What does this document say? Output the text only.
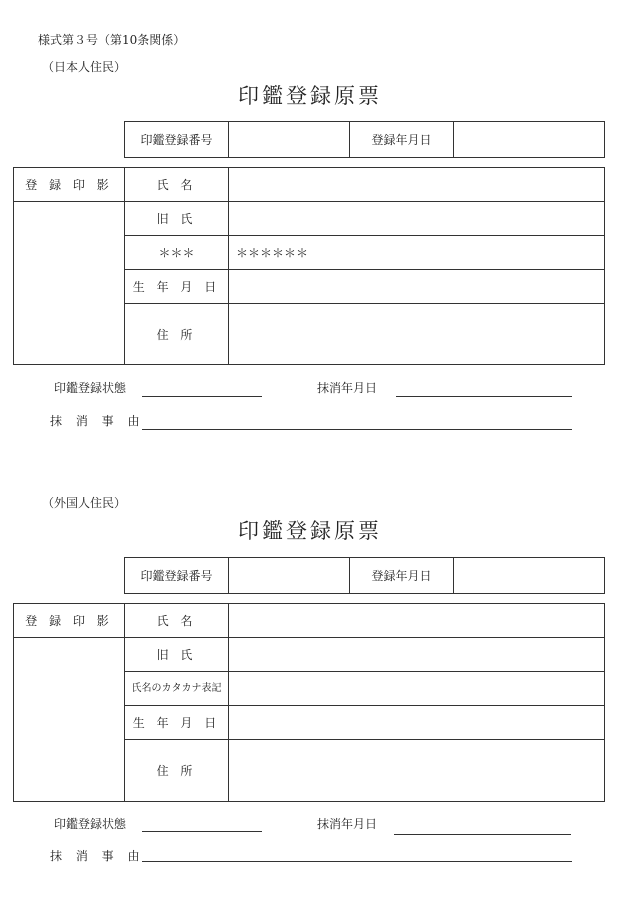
様式第３号（第10条関係）
（日本人住民）
印鑑登録原票
印鑑登録番号	登録年月日
登 録 印 影	氏 名
旧 氏
＊＊＊	＊＊＊＊＊＊
生 年 月 日
住 所
印鑑登録状態	抹消年月日
抹 消 事 由
（外国人住民）
印鑑登録原票
印鑑登録番号	登録年月日
登 録 印 影	氏 名
旧 氏
氏名のカタカナ表記
生 年 月 日
住 所
印鑑登録状態	抹消年月日
抹 消 事 由
